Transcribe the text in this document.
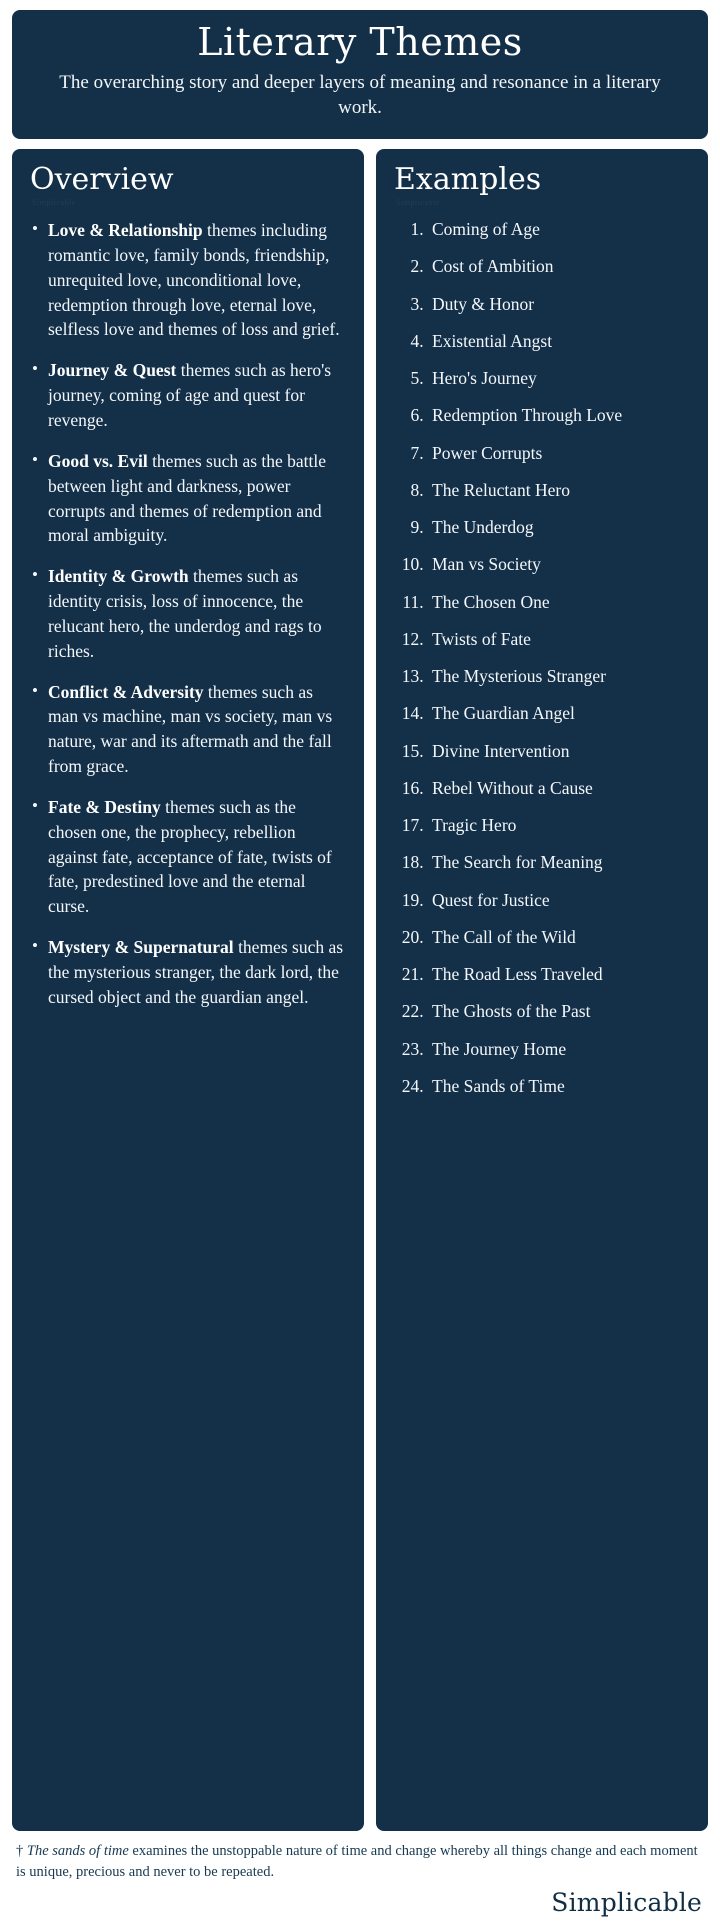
Literary Themes

The overarching story and deeper layers of meaning and resonance in a literary work.

Overview
Simplicable
• Love & Relationship themes including romantic love, family bonds, friendship, unrequited love, unconditional love, redemption through love, eternal love, selfless love and themes of loss and grief.
• Journey & Quest themes such as hero's journey, coming of age and quest for revenge.
• Good vs. Evil themes such as the battle between light and darkness, power corrupts and themes of redemption and moral ambiguity.
• Identity & Growth themes such as identity crisis, loss of innocence, the relucant hero, the underdog and rags to riches.
• Conflict & Adversity themes such as man vs machine, man vs society, man vs nature, war and its aftermath and the fall from grace.
• Fate & Destiny themes such as the chosen one, the prophecy, rebellion against fate, acceptance of fate, twists of fate, predestined love and the eternal curse.
• Mystery & Supernatural themes such as the mysterious stranger, the dark lord, the cursed object and the guardian angel.
Examples
Simplicable
1. Coming of Age
2. Cost of Ambition
3. Duty & Honor
4. Existential Angst
5. Hero's Journey
6. Redemption Through Love
7. Power Corrupts
8. The Reluctant Hero
9. The Underdog
10. Man vs Society
11. The Chosen One
12. Twists of Fate
13. The Mysterious Stranger
14. The Guardian Angel
15. Divine Intervention
16. Rebel Without a Cause
17. Tragic Hero
18. The Search for Meaning
19. Quest for Justice
20. The Call of the Wild
21. The Road Less Traveled
22. The Ghosts of the Past
23. The Journey Home
24. The Sands of Time
† The sands of time examines the unstoppable nature of time and change whereby all things change and each moment is unique, precious and never to be repeated.
Simplicable
